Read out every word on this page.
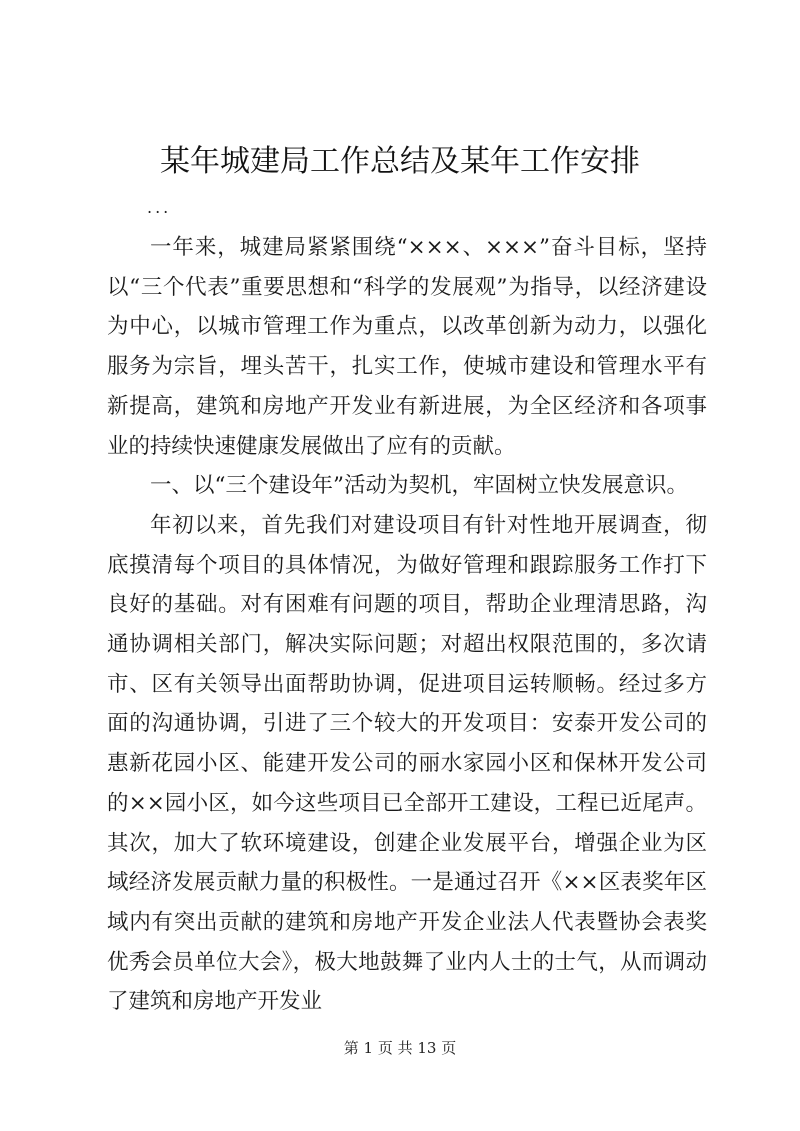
某年城建局工作总结及某年工作安排
...

一年来，城建局紧紧围绕“×××、×××”奋斗目标，坚持以“三个代表”重要思想和“科学的发展观”为指导，以经济建设为中心，以城市管理工作为重点，以改革创新为动力，以强化服务为宗旨，埋头苦干，扎实工作，使城市建设和管理水平有新提高，建筑和房地产开发业有新进展，为全区经济和各项事业的持续快速健康发展做出了应有的贡献。

一、以“三个建设年”活动为契机，牢固树立快发展意识。

年初以来，首先我们对建设项目有针对性地开展调查，彻底摸清每个项目的具体情况，为做好管理和跟踪服务工作打下良好的基础。对有困难有问题的项目，帮助企业理清思路，沟通协调相关部门，解决实际问题；对超出权限范围的，多次请市、区有关领导出面帮助协调，促进项目运转顺畅。经过多方面的沟通协调，引进了三个较大的开发项目：安泰开发公司的惠新花园小区、能建开发公司的丽水家园小区和保林开发公司的××园小区，如今这些项目已全部开工建设，工程已近尾声。其次，加大了软环境建设，创建企业发展平台，增强企业为区域经济发展贡献力量的积极性。一是通过召开《××区表奖年区域内有突出贡献的建筑和房地产开发企业法人代表暨协会表奖优秀会员单位大会》，极大地鼓舞了业内人士的士气，从而调动了建筑和房地产开发业

第 1 页 共 13 页
